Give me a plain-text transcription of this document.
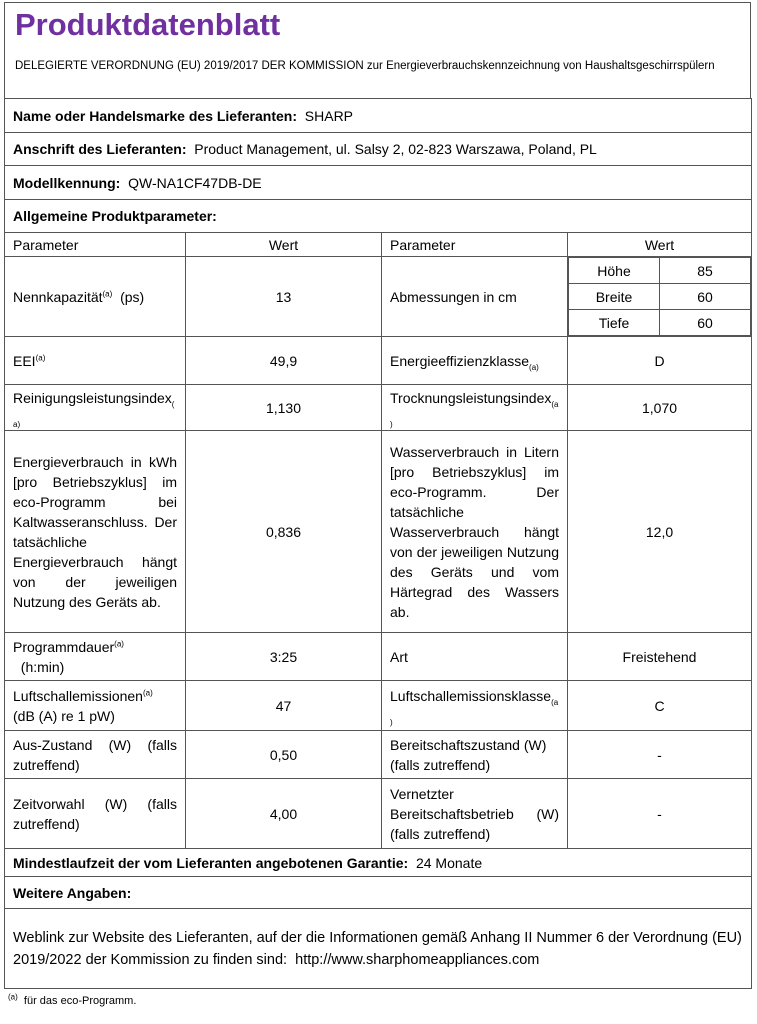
Produktdatenblatt
DELEGIERTE VERORDNUNG (EU) 2019/2017 DER KOMMISSION zur Energieverbrauchskennzeichnung von Haushaltsgeschirrspülern
Name oder Handelsmarke des Lieferanten: SHARP
Anschrift des Lieferanten: Product Management, ul. Salsy 2, 02-823 Warszawa, Poland, PL
Modellkennung: QW-NA1CF47DB-DE
Allgemeine Produktparameter:
Parameter	Wert	Parameter	Wert
Nennkapazität$^{(a)}$ (ps)	13	Abmessungen in cm	
Höhe	85
Breite	60
Tiefe	60

EEI$^{(a)}$	49,9	Energieeffizienzklasse$_{(a)}$	D
Reinigungsleistungsindex$_{(a)}$	1,130	Trocknungsleistungsindex$_{(a)}$	1,070
Energieverbrauch in kWh [pro Betriebszyklus] im eco-Programm bei Kaltwasseranschluss. Der tatsächliche Energieverbrauch hängt von der jeweiligen Nutzung des Geräts ab.	0,836	Wasserverbrauch in Litern [pro Betriebszyklus] im eco-Programm. Der tatsächliche Wasserverbrauch hängt von der jeweiligen Nutzung des Geräts und vom Härtegrad des Wassers ab.	12,0
Programmdauer$^{(a)}$
(h:min)	3:25	Art	Freistehend
Luftschallemissionen$^{(a)}$  (dB (A) re 1 pW)	47	Luftschallemissionsklasse$_{(a)}$	C
Aus-Zustand (W) (falls zutreffend)	0,50	Bereitschaftszustand (W) (falls zutreffend)	-
Zeitvorwahl (W) (falls zutreffend)	4,00	Vernetzter Bereitschaftsbetrieb (W) (falls zutreffend)	-
Mindestlaufzeit der vom Lieferanten angebotenen Garantie: 24 Monate
Weitere Angaben:
Weblink zur Website des Lieferanten, auf der die Informationen gemäß Anhang II Nummer 6 der Verordnung (EU) 2019/2022 der Kommission zu finden sind: http://www.sharphomeappliances.com
$^{(a)}$ für das eco-Programm.
